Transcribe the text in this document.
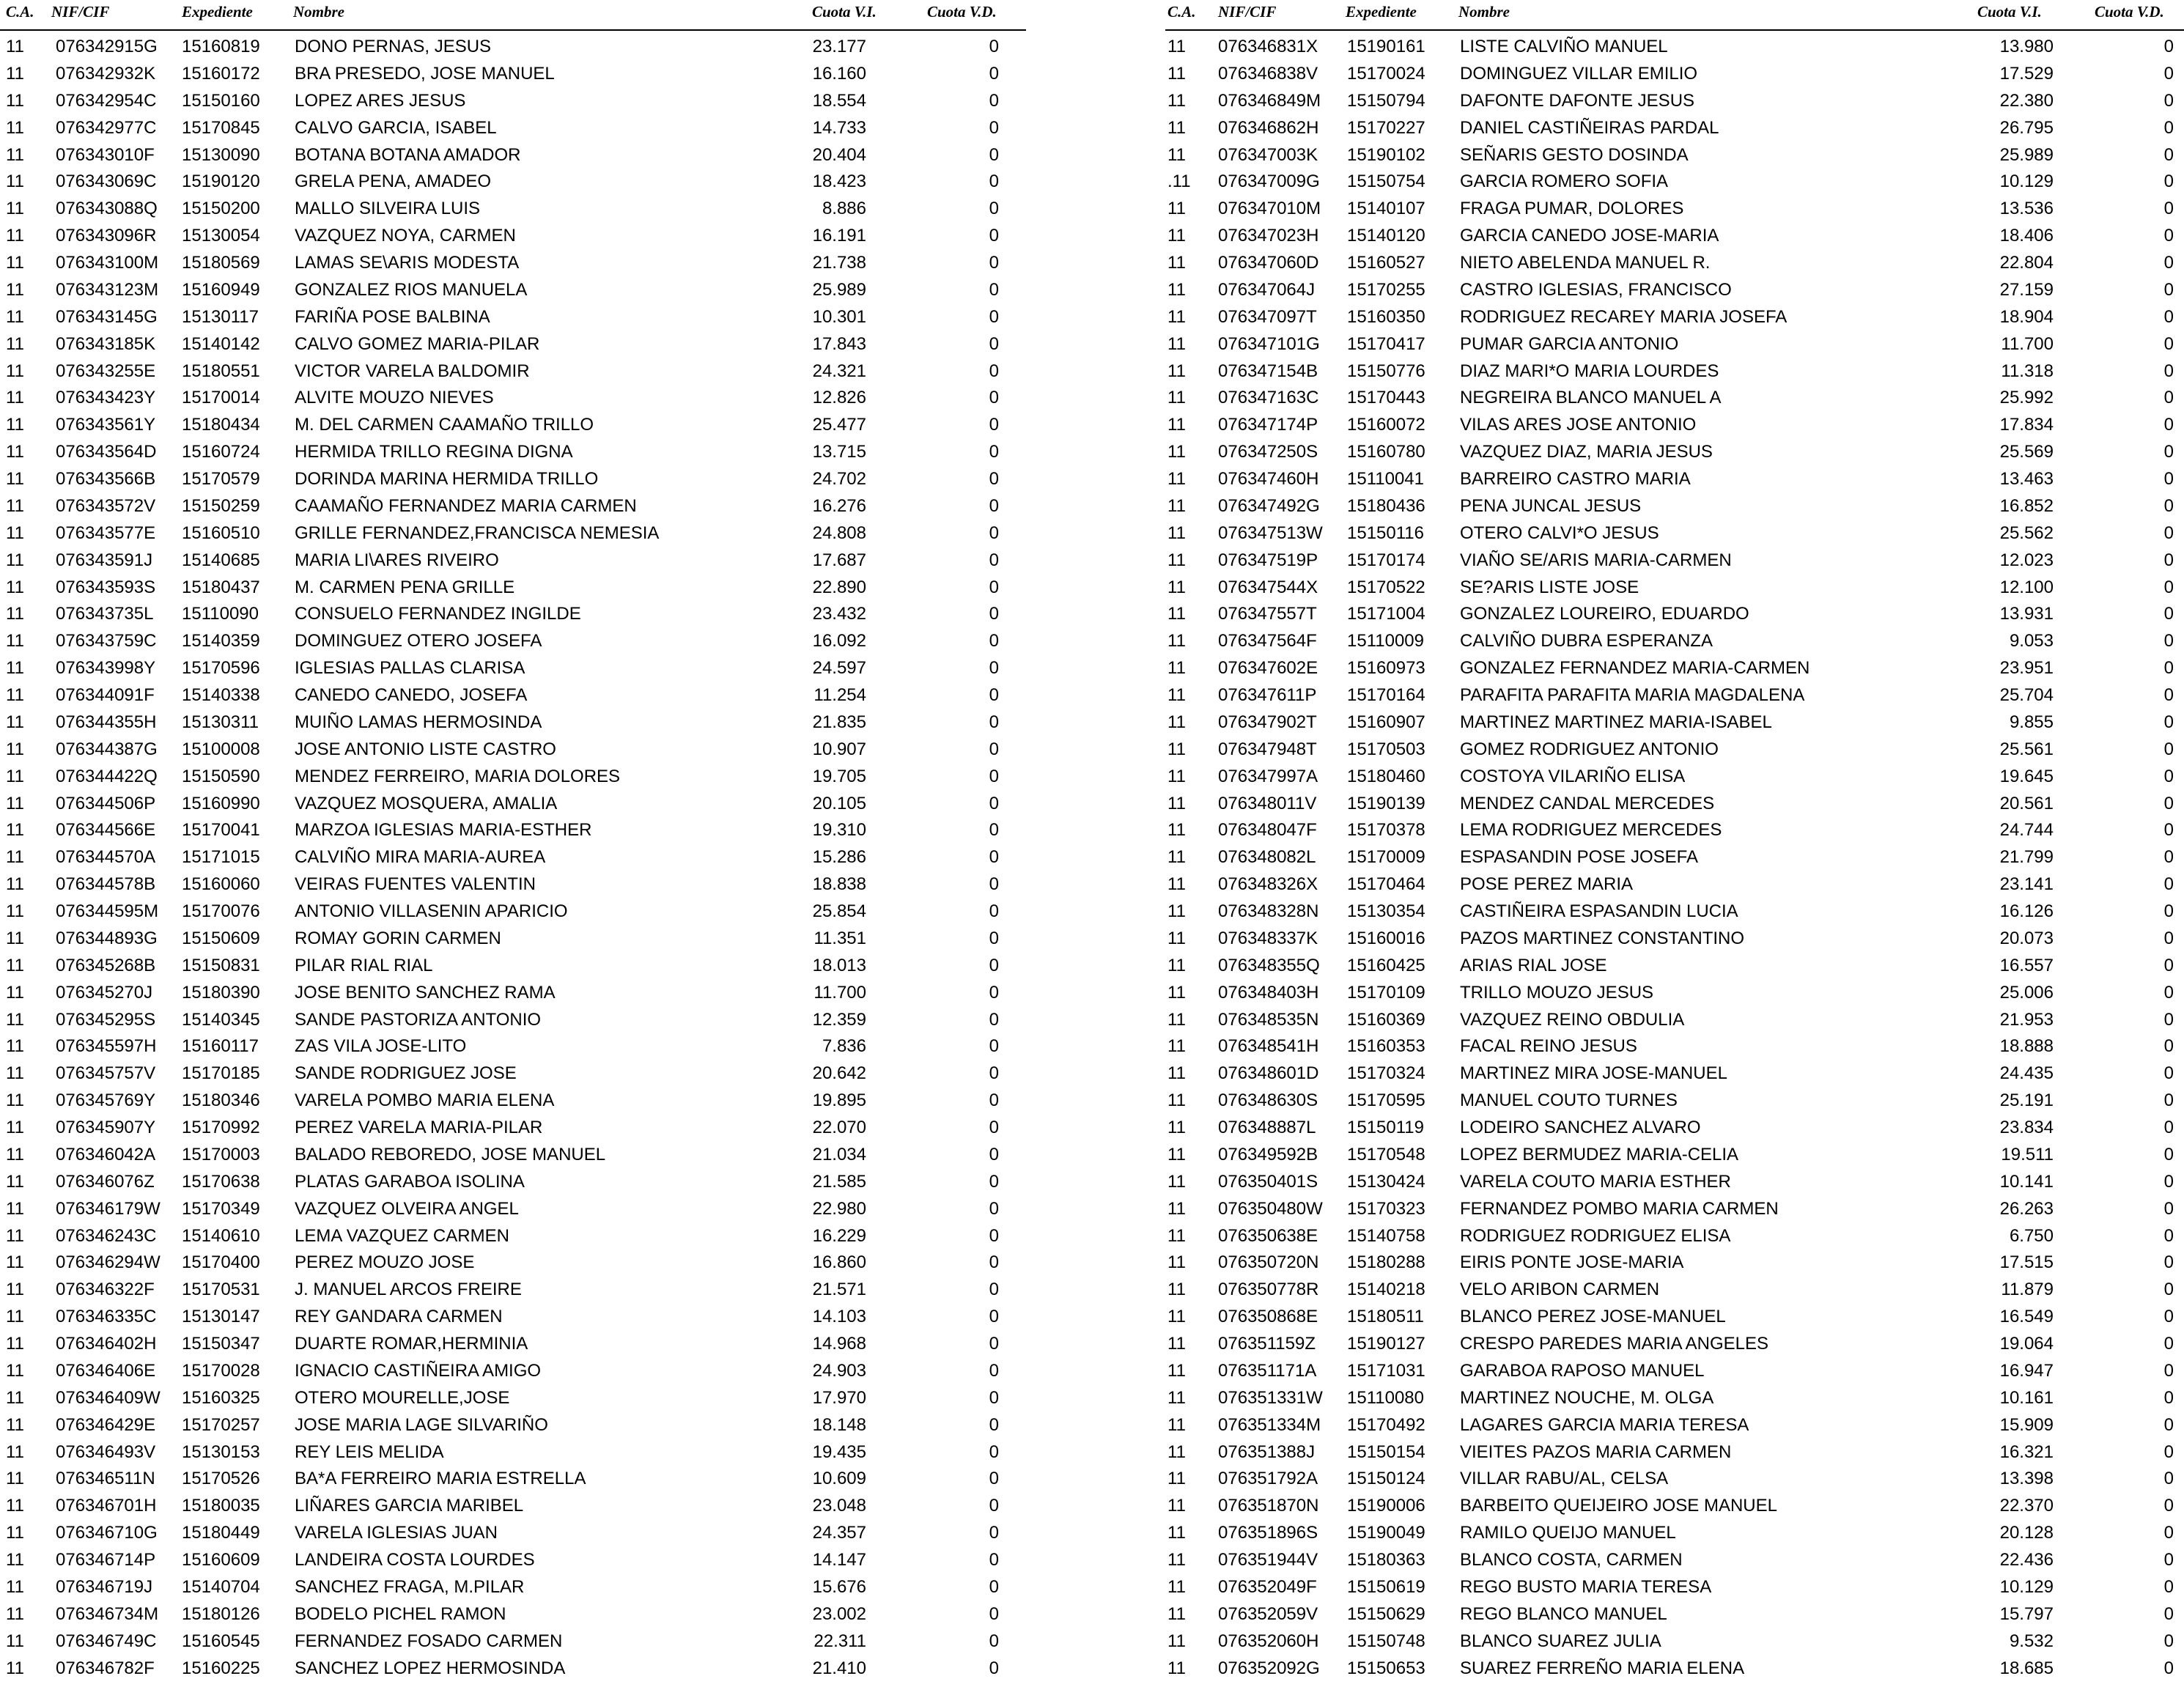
C.A. NIF/CIF	Expediente	Nombre	Cuota V.I.	Cuota V.D.
11 076342915G 15160819 DONO PERNAS, JESUS	23.177	0
11 076342932K 15160172 BRA PRESEDO, JOSE MANUEL	16.160	0
11 076342954C 15150160 LOPEZ ARES JESUS	18.554	0
11 076342977C 15170845 CALVO GARCIA, ISABEL	14.733	0
11 076343010F 15130090 BOTANA BOTANA AMADOR	20.404	0
11 076343069C 15190120 GRELA PENA, AMADEO	18.423	0
11 076343088Q 15150200 MALLO SILVEIRA LUIS	8.886	0
11 076343096R 15130054 VAZQUEZ NOYA, CARMEN	16.191	0
11 076343100M 15180569 LAMAS SE\ARIS MODESTA	21.738	0
11 076343123M 15160949 GONZALEZ RIOS MANUELA	25.989	0
11 076343145G 15130117 FARIÑA POSE BALBINA	10.301	0
11 076343185K 15140142 CALVO GOMEZ MARIA-PILAR	17.843	0
11 076343255E 15180551 VICTOR VARELA BALDOMIR	24.321	0
11 076343423Y 15170014 ALVITE MOUZO NIEVES	12.826	0
11 076343561Y 15180434 M. DEL CARMEN CAAMAÑO TRILLO	25.477	0
11 076343564D 15160724 HERMIDA TRILLO REGINA DIGNA	13.715	0
11 076343566B 15170579 DORINDA MARINA HERMIDA TRILLO	24.702	0
11 076343572V 15150259 CAAMAÑO FERNANDEZ MARIA CARMEN	16.276	0
11 076343577E 15160510 GRILLE FERNANDEZ,FRANCISCA NEMESIA	24.808	0
11 076343591J 15140685 MARIA LI\ARES RIVEIRO	17.687	0
11 076343593S 15180437 M. CARMEN PENA GRILLE	22.890	0
11 076343735L 15110090 CONSUELO FERNANDEZ INGILDE	23.432	0
11 076343759C 15140359 DOMINGUEZ OTERO JOSEFA	16.092	0
11 076343998Y 15170596 IGLESIAS PALLAS CLARISA	24.597	0
11 076344091F 15140338 CANEDO CANEDO, JOSEFA	11.254	0
11 076344355H 15130311 MUIÑO LAMAS HERMOSINDA	21.835	0
11 076344387G 15100008 JOSE ANTONIO LISTE CASTRO	10.907	0
11 076344422Q 15150590 MENDEZ FERREIRO, MARIA DOLORES	19.705	0
11 076344506P 15160990 VAZQUEZ MOSQUERA, AMALIA	20.105	0
11 076344566E 15170041 MARZOA IGLESIAS MARIA-ESTHER	19.310	0
11 076344570A 15171015 CALVIÑO MIRA MARIA-AUREA	15.286	0
11 076344578B 15160060 VEIRAS FUENTES VALENTIN	18.838	0
11 076344595M 15170076 ANTONIO VILLASENIN APARICIO	25.854	0
11 076344893G 15150609 ROMAY GORIN CARMEN	11.351	0
11 076345268B 15150831 PILAR RIAL RIAL	18.013	0
11 076345270J 15180390 JOSE BENITO SANCHEZ RAMA	11.700	0
11 076345295S 15140345 SANDE PASTORIZA ANTONIO	12.359	0
11 076345597H 15160117 ZAS VILA JOSE-LITO	7.836	0
11 076345757V 15170185 SANDE RODRIGUEZ JOSE	20.642	0
11 076345769Y 15180346 VARELA POMBO MARIA ELENA	19.895	0
11 076345907Y 15170992 PEREZ VARELA MARIA-PILAR	22.070	0
11 076346042A 15170003 BALADO REBOREDO, JOSE MANUEL	21.034	0
11 076346076Z 15170638 PLATAS GARABOA ISOLINA	21.585	0
11 076346179W 15170349 VAZQUEZ OLVEIRA ANGEL	22.980	0
11 076346243C 15140610 LEMA VAZQUEZ CARMEN	16.229	0
11 076346294W 15170400 PEREZ MOUZO JOSE	16.860	0
11 076346322F 15170531 J. MANUEL ARCOS FREIRE	21.571	0
11 076346335C 15130147 REY GANDARA CARMEN	14.103	0
11 076346402H 15150347 DUARTE ROMAR,HERMINIA	14.968	0
11 076346406E 15170028 IGNACIO CASTIÑEIRA AMIGO	24.903	0
11 076346409W 15160325 OTERO MOURELLE,JOSE	17.970	0
11 076346429E 15170257 JOSE MARIA LAGE SILVARIÑO	18.148	0
11 076346493V 15130153 REY LEIS MELIDA	19.435	0
11 076346511N 15170526 BA*A FERREIRO MARIA ESTRELLA	10.609	0
11 076346701H 15180035 LIÑARES GARCIA MARIBEL	23.048	0
11 076346710G 15180449 VARELA IGLESIAS JUAN	24.357	0
11 076346714P 15160609 LANDEIRA COSTA LOURDES	14.147	0
11 076346719J 15140704 SANCHEZ FRAGA, M.PILAR	15.676	0
11 076346734M 15180126 BODELO PICHEL RAMON	23.002	0
11 076346749C 15160545 FERNANDEZ FOSADO CARMEN	22.311	0
11 076346782F 15160225 SANCHEZ LOPEZ HERMOSINDA	21.410	0
C.A. NIF/CIF	Expediente	Nombre	Cuota V.I.	Cuota V.D.
11 076346831X 15190161 LISTE CALVIÑO MANUEL	13.980	0
11 076346838V 15170024 DOMINGUEZ VILLAR EMILIO	17.529	0
11 076346849M 15150794 DAFONTE DAFONTE JESUS	22.380	0
11 076346862H 15170227 DANIEL CASTIÑEIRAS PARDAL	26.795	0
11 076347003K 15190102 SEÑARIS GESTO DOSINDA	25.989	0
.11 076347009G 15150754 GARCIA ROMERO SOFIA	10.129	0
11 076347010M 15140107 FRAGA PUMAR, DOLORES	13.536	0
11 076347023H 15140120 GARCIA CANEDO JOSE-MARIA	18.406	0
11 076347060D 15160527 NIETO ABELENDA MANUEL R.	22.804	0
11 076347064J 15170255 CASTRO IGLESIAS, FRANCISCO	27.159	0
11 076347097T 15160350 RODRIGUEZ RECAREY MARIA JOSEFA	18.904	0
11 076347101G 15170417 PUMAR GARCIA ANTONIO	11.700	0
11 076347154B 15150776 DIAZ MARI*O MARIA LOURDES	11.318	0
11 076347163C 15170443 NEGREIRA BLANCO MANUEL A	25.992	0
11 076347174P 15160072 VILAS ARES JOSE ANTONIO	17.834	0
11 076347250S 15160780 VAZQUEZ DIAZ, MARIA JESUS	25.569	0
11 076347460H 15110041 BARREIRO CASTRO MARIA	13.463	0
11 076347492G 15180436 PENA JUNCAL JESUS	16.852	0
11 076347513W 15150116 OTERO CALVI*O JESUS	25.562	0
11 076347519P 15170174 VIAÑO SE/ARIS MARIA-CARMEN	12.023	0
11 076347544X 15170522 SE?ARIS LISTE JOSE	12.100	0
11 076347557T 15171004 GONZALEZ LOUREIRO, EDUARDO	13.931	0
11 076347564F 15110009 CALVIÑO DUBRA ESPERANZA	9.053	0
11 076347602E 15160973 GONZALEZ FERNANDEZ MARIA-CARMEN	23.951	0
11 076347611P 15170164 PARAFITA PARAFITA MARIA MAGDALENA	25.704	0
11 076347902T 15160907 MARTINEZ MARTINEZ MARIA-ISABEL	9.855	0
11 076347948T 15170503 GOMEZ RODRIGUEZ ANTONIO	25.561	0
11 076347997A 15180460 COSTOYA VILARIÑO ELISA	19.645	0
11 076348011V 15190139 MENDEZ CANDAL MERCEDES	20.561	0
11 076348047F 15170378 LEMA RODRIGUEZ MERCEDES	24.744	0
11 076348082L 15170009 ESPASANDIN POSE JOSEFA	21.799	0
11 076348326X 15170464 POSE PEREZ MARIA	23.141	0
11 076348328N 15130354 CASTIÑEIRA ESPASANDIN LUCIA	16.126	0
11 076348337K 15160016 PAZOS MARTINEZ CONSTANTINO	20.073	0
11 076348355Q 15160425 ARIAS RIAL JOSE	16.557	0
11 076348403H 15170109 TRILLO MOUZO JESUS	25.006	0
11 076348535N 15160369 VAZQUEZ REINO OBDULIA	21.953	0
11 076348541H 15160353 FACAL REINO JESUS	18.888	0
11 076348601D 15170324 MARTINEZ MIRA JOSE-MANUEL	24.435	0
11 076348630S 15170595 MANUEL COUTO TURNES	25.191	0
11 076348887L 15150119 LODEIRO SANCHEZ ALVARO	23.834	0
11 076349592B 15170548 LOPEZ BERMUDEZ MARIA-CELIA	19.511	0
11 076350401S 15130424 VARELA COUTO MARIA ESTHER	10.141	0
11 076350480W 15170323 FERNANDEZ POMBO MARIA CARMEN	26.263	0
11 076350638E 15140758 RODRIGUEZ RODRIGUEZ ELISA	6.750	0
11 076350720N 15180288 EIRIS PONTE JOSE-MARIA	17.515	0
11 076350778R 15140218 VELO ARIBON CARMEN	11.879	0
11 076350868E 15180511 BLANCO PEREZ JOSE-MANUEL	16.549	0
11 076351159Z 15190127 CRESPO PAREDES MARIA ANGELES	19.064	0
11 076351171A 15171031 GARABOA RAPOSO MANUEL	16.947	0
11 076351331W 15110080 MARTINEZ NOUCHE, M. OLGA	10.161	0
11 076351334M 15170492 LAGARES GARCIA MARIA TERESA	15.909	0
11 076351388J 15150154 VIEITES PAZOS MARIA CARMEN	16.321	0
11 076351792A 15150124 VILLAR RABU/AL, CELSA	13.398	0
11 076351870N 15190006 BARBEITO QUEIJEIRO JOSE MANUEL	22.370	0
11 076351896S 15190049 RAMILO QUEIJO MANUEL	20.128	0
11 076351944V 15180363 BLANCO COSTA, CARMEN	22.436	0
11 076352049F 15150619 REGO BUSTO MARIA TERESA	10.129	0
11 076352059V 15150629 REGO BLANCO MANUEL	15.797	0
11 076352060H 15150748 BLANCO SUAREZ JULIA	9.532	0
11 076352092G 15150653 SUAREZ FERREÑO MARIA ELENA	18.685	0
